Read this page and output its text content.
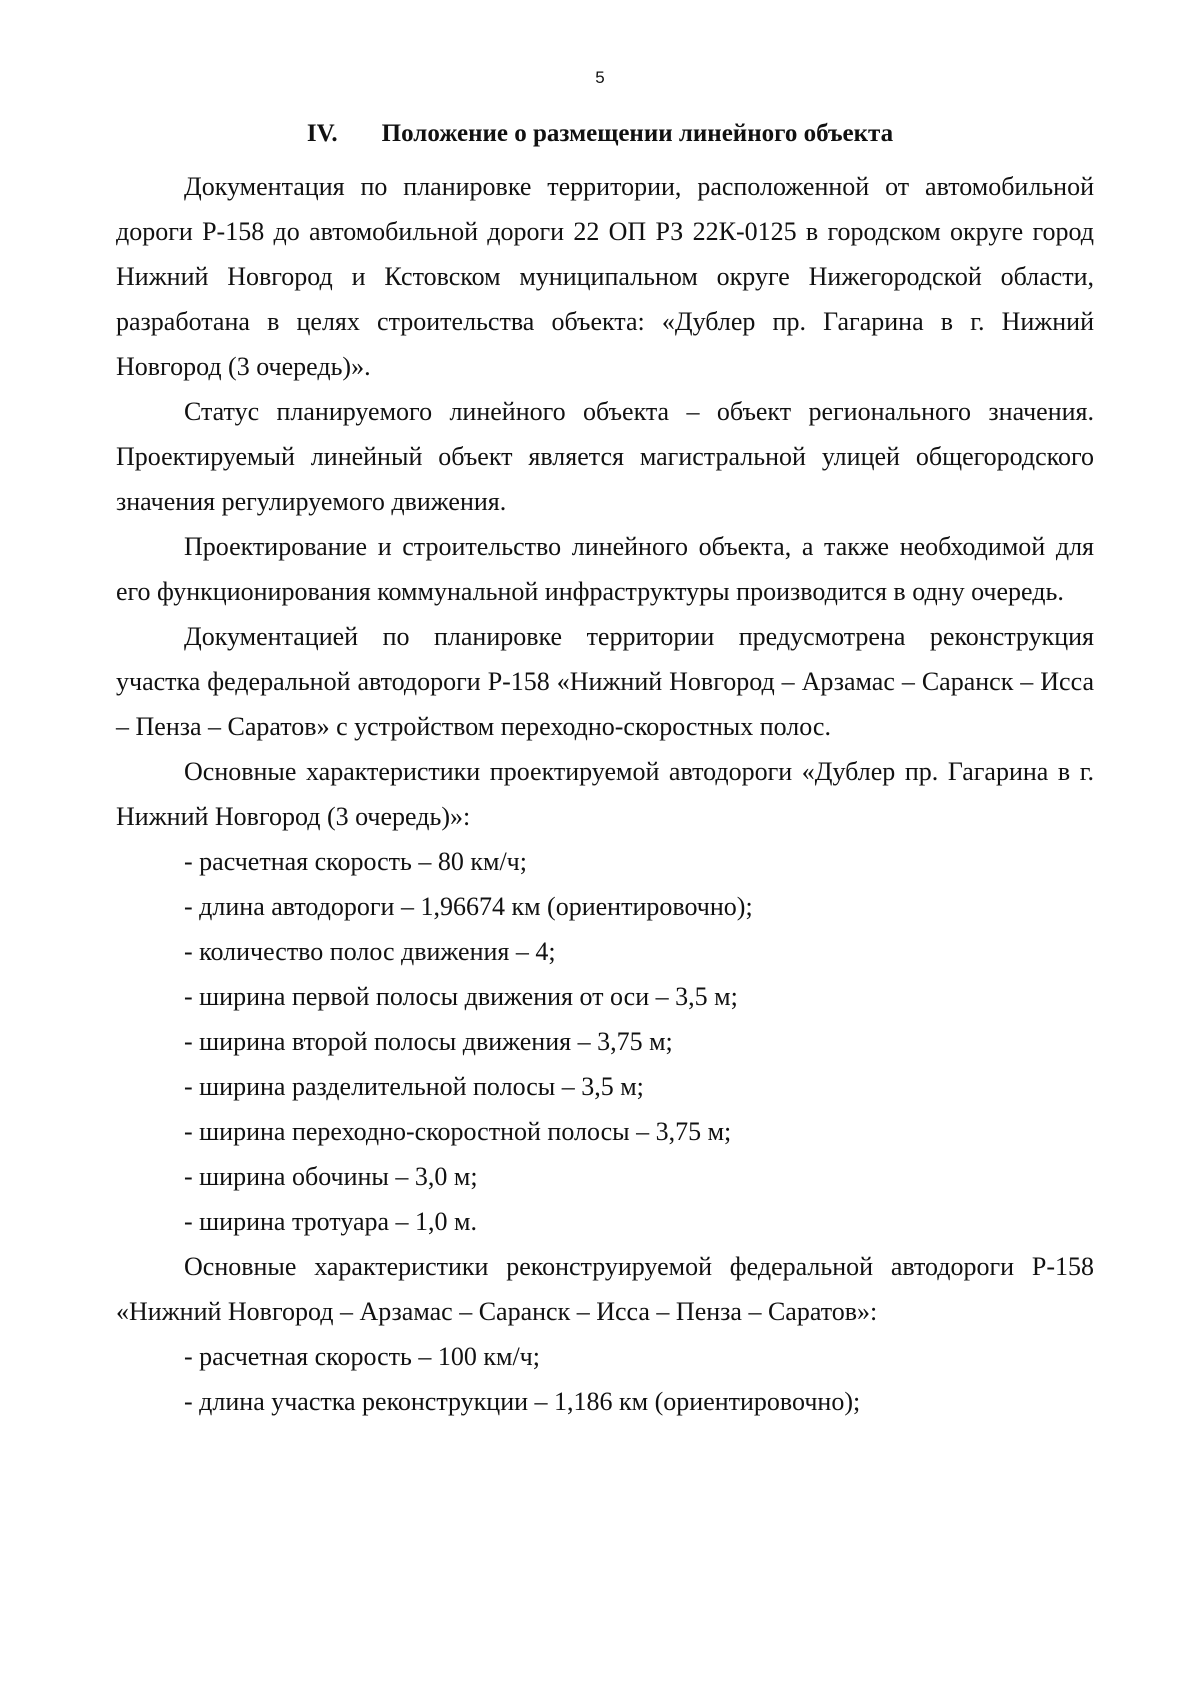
5
IV. Положение о размещении линейного объекта

Документация по планировке территории, расположенной от автомобильной дороги Р-158 до автомобильной дороги 22 ОП РЗ 22К-0125 в городском округе город Нижний Новгород и Кстовском муниципальном округе Нижегородской области, разработана в целях строительства объекта: «Дублер пр. Гагарина в г. Нижний Новгород (3 очередь)».

Статус планируемого линейного объекта – объект регионального значения. Проектируемый линейный объект является магистральной улицей общегородского значения регулируемого движения.

Проектирование и строительство линейного объекта, а также необходимой для его функционирования коммунальной инфраструктуры производится в одну очередь.

Документацией по планировке территории предусмотрена реконструкция участка федеральной автодороги Р-158 «Нижний Новгород – Арзамас – Саранск – Исса – Пенза – Саратов» с устройством переходно-скоростных полос.

Основные характеристики проектируемой автодороги «Дублер пр. Гагарина в г. Нижний Новгород (3 очередь)»:

- расчетная скорость – 80 км/ч;
- длина автодороги – 1,96674 км (ориентировочно);
- количество полос движения – 4;
- ширина первой полосы движения от оси – 3,5 м;
- ширина второй полосы движения – 3,75 м;
- ширина разделительной полосы – 3,5 м;
- ширина переходно-скоростной полосы – 3,75 м;
- ширина обочины – 3,0 м;
- ширина тротуара – 1,0 м.

Основные характеристики реконструируемой федеральной автодороги Р-158 «Нижний Новгород – Арзамас – Саранск – Исса – Пенза – Саратов»:

- расчетная скорость – 100 км/ч;
- длина участка реконструкции – 1,186 км (ориентировочно);
